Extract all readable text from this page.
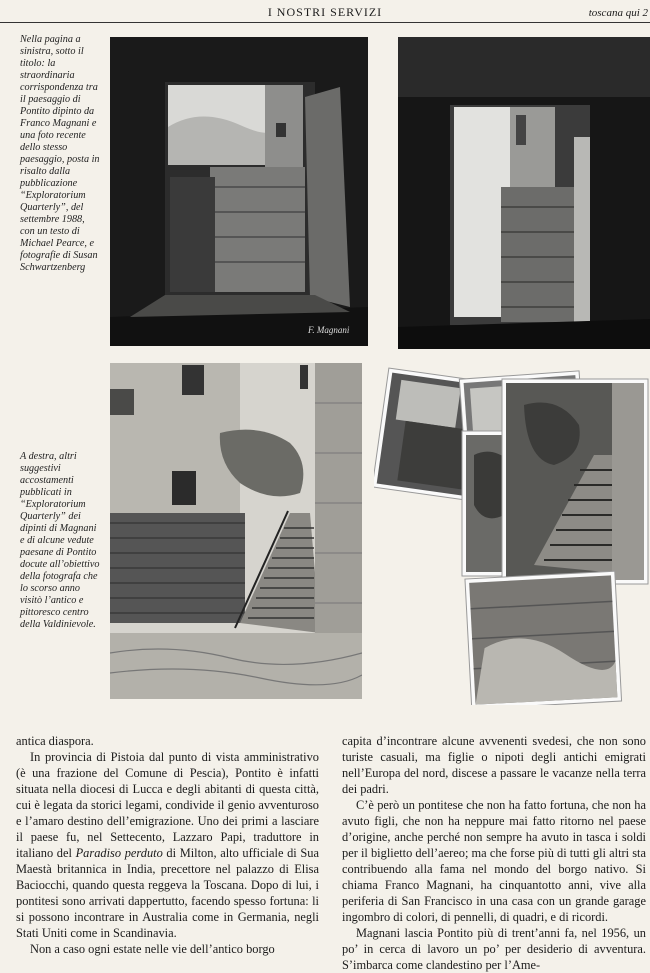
I NOSTRI SERVIZI	toscana qui 2
Nella pagina a sinistra, sotto il titolo: la straordinaria corrispondenza tra il paesaggio di Pontito dipinto da Franco Magnani e una foto recente dello stesso paesaggio, posta in risalto dalla pubblicazione “Exploratorium Quarterly”, del settembre 1988, con un testo di Michael Pearce, e fotografie di Susan Schwartzenberg
F. Magnani
A destra, altri suggestivi accostamenti pubblicati in “Exploratorium Quarterly” dei dipinti di Magnani e di alcune vedute paesane di Pontito docute all’obiettivo della fotografa che lo scorso anno visitò l’antico e pittoresco centro della Valdinievole.

antica diaspora.

In provincia di Pistoia dal punto di vista amministrativo (è una frazione del Comune di Pescia), Pontito è infatti situata nella diocesi di Lucca e degli abitanti di questa città, cui è legata da storici legami, condivide il genio avventuroso e l’amaro destino dell’emigrazione. Uno dei primi a lasciare il paese fu, nel Settecento, Lazzaro Papi, traduttore in italiano del Paradiso perduto di Milton, alto ufficiale di Sua Maestà britannica in India, precettore nel palazzo di Elisa Baciocchi, quando questa reggeva la Toscana. Dopo di lui, i pontitesi sono arrivati dappertutto, facendo spesso fortuna: li si possono incontrare in Australia come in Germania, negli Stati Uniti come in Scandinavia.

Non a caso ogni estate nelle vie dell’antico borgo

capita d’incontrare alcune avvenenti svedesi, che non sono turiste casuali, ma figlie o nipoti degli antichi emigrati nell’Europa del nord, discese a passare le vacanze nella terra dei padri.

C’è però un pontitese che non ha fatto fortuna, che non ha avuto figli, che non ha neppure mai fatto ritorno nel paese d’origine, anche perché non sempre ha avuto in tasca i soldi per il biglietto dell’aereo; ma che forse più di tutti gli altri sta contribuendo alla fama nel mondo del borgo nativo. Si chiama Franco Magnani, ha cinquantotto anni, vive alla periferia di San Francisco in una casa con un grande garage ingombro di colori, di pennelli, di quadri, e di ricordi.

Magnani lascia Pontito più di trent’anni fa, nel 1956, un po’ in cerca di lavoro un po’ per desiderio di avventura. S’imbarca come clandestino per l’Ame-
